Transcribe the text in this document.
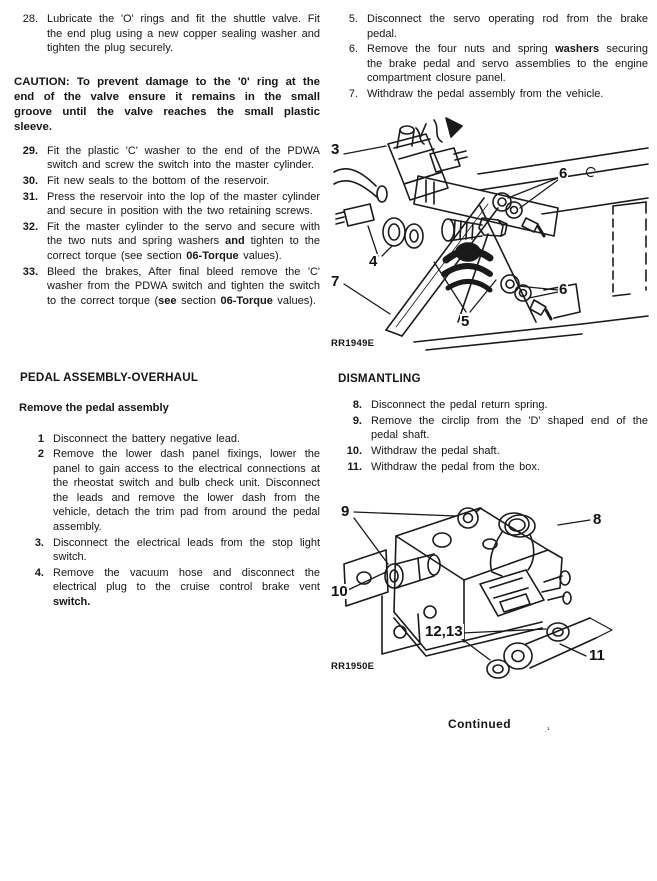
28. Lubricate the 'O' rings and fit the shuttle valve. Fit the end plug using a new copper sealing washer and tighten the plug securely.

CAUTION: To prevent damage to the '0' ring at the end of the valve ensure it remains in the small groove until the valve reaches the small plastic sleeve.

29. Fit the plastic 'C' washer to the end of the PDWA switch and screw the switch into the master cylinder.
30. Fit new seals to the bottom of the reservoir.
31. Press the reservoir into the lop of the master cylinder and secure in position with the two retaining screws.
32. Fit the master cylinder to the servo and secure with the two nuts and spring washers and tighten to the correct torque (see section 06-Torque values).
33. Bleed the brakes, After final bleed remove the 'C' washer from the PDWA switch and tighten the switch to the correct torque (see section 06-Torque values).
PEDAL ASSEMBLY-OVERHAUL
Remove the pedal assembly
1 Disconnect the battery negative lead.
2 Remove the lower dash panel fixings, lower the panel to gain access to the electrical connections at the rheostat switch and bulb check unit. Disconnect the leads and remove the lower dash from the vehicle, detach the trim pad from around the pedal assembly.
3. Disconnect the electrical leads from the stop light switch.
4. Remove the vacuum hose and disconnect the electrical plug to the cruise control brake vent switch.
5. Disconnect the servo operating rod from the brake pedal.
6. Remove the four nuts and spring washers securing the brake pedal and servo assemblies to the engine compartment closure panel.
7. Withdraw the pedal assembly from the vehicle.
3
6
4
7	6
5
RR1949E
DISMANTLING
8. Disconnect the pedal return spring.
9. Remove the circlip from the 'D' shaped end of the pedal shaft.
10. Withdraw the pedal shaft.
11. Withdraw the pedal from the box.
9	8
10
12,13
11
RR1950E
Continued	$_{.^1}$
